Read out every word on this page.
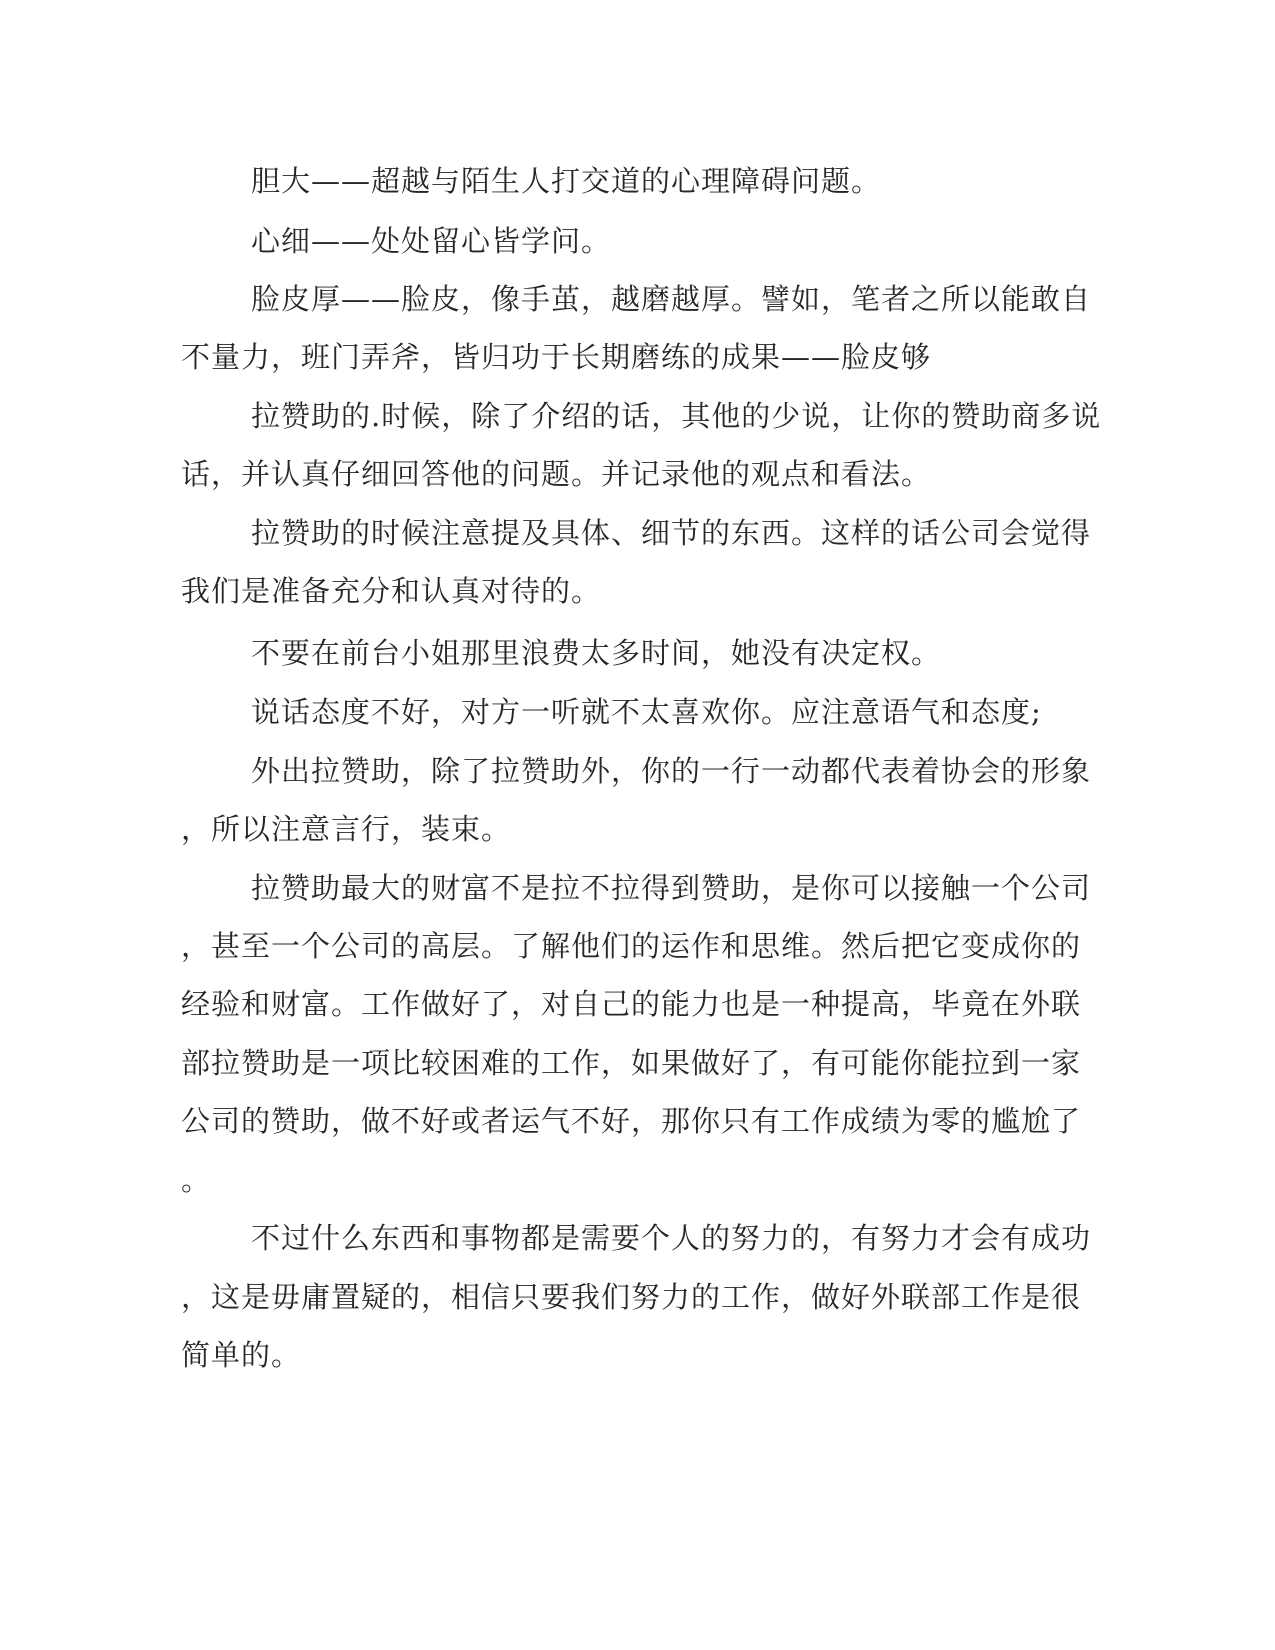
胆大——超越与陌生人打交道的心理障碍问题。

心细——处处留心皆学问。

脸皮厚——脸皮，像手茧，越磨越厚。譬如，笔者之所以能敢自

不量力，班门弄斧，皆归功于长期磨练的成果——脸皮够

拉赞助的.时候，除了介绍的话，其他的少说，让你的赞助商多说

话，并认真仔细回答他的问题。并记录他的观点和看法。

拉赞助的时候注意提及具体、细节的东西。这样的话公司会觉得

我们是准备充分和认真对待的。

不要在前台小姐那里浪费太多时间，她没有决定权。

说话态度不好，对方一听就不太喜欢你。应注意语气和态度;

外出拉赞助，除了拉赞助外，你的一行一动都代表着协会的形象

，所以注意言行，装束。

拉赞助最大的财富不是拉不拉得到赞助，是你可以接触一个公司

，甚至一个公司的高层。了解他们的运作和思维。然后把它变成你的

经验和财富。工作做好了，对自己的能力也是一种提高，毕竟在外联

部拉赞助是一项比较困难的工作，如果做好了，有可能你能拉到一家

公司的赞助，做不好或者运气不好，那你只有工作成绩为零的尴尬了

。

不过什么东西和事物都是需要个人的努力的，有努力才会有成功

，这是毋庸置疑的，相信只要我们努力的工作，做好外联部工作是很

简单的。
